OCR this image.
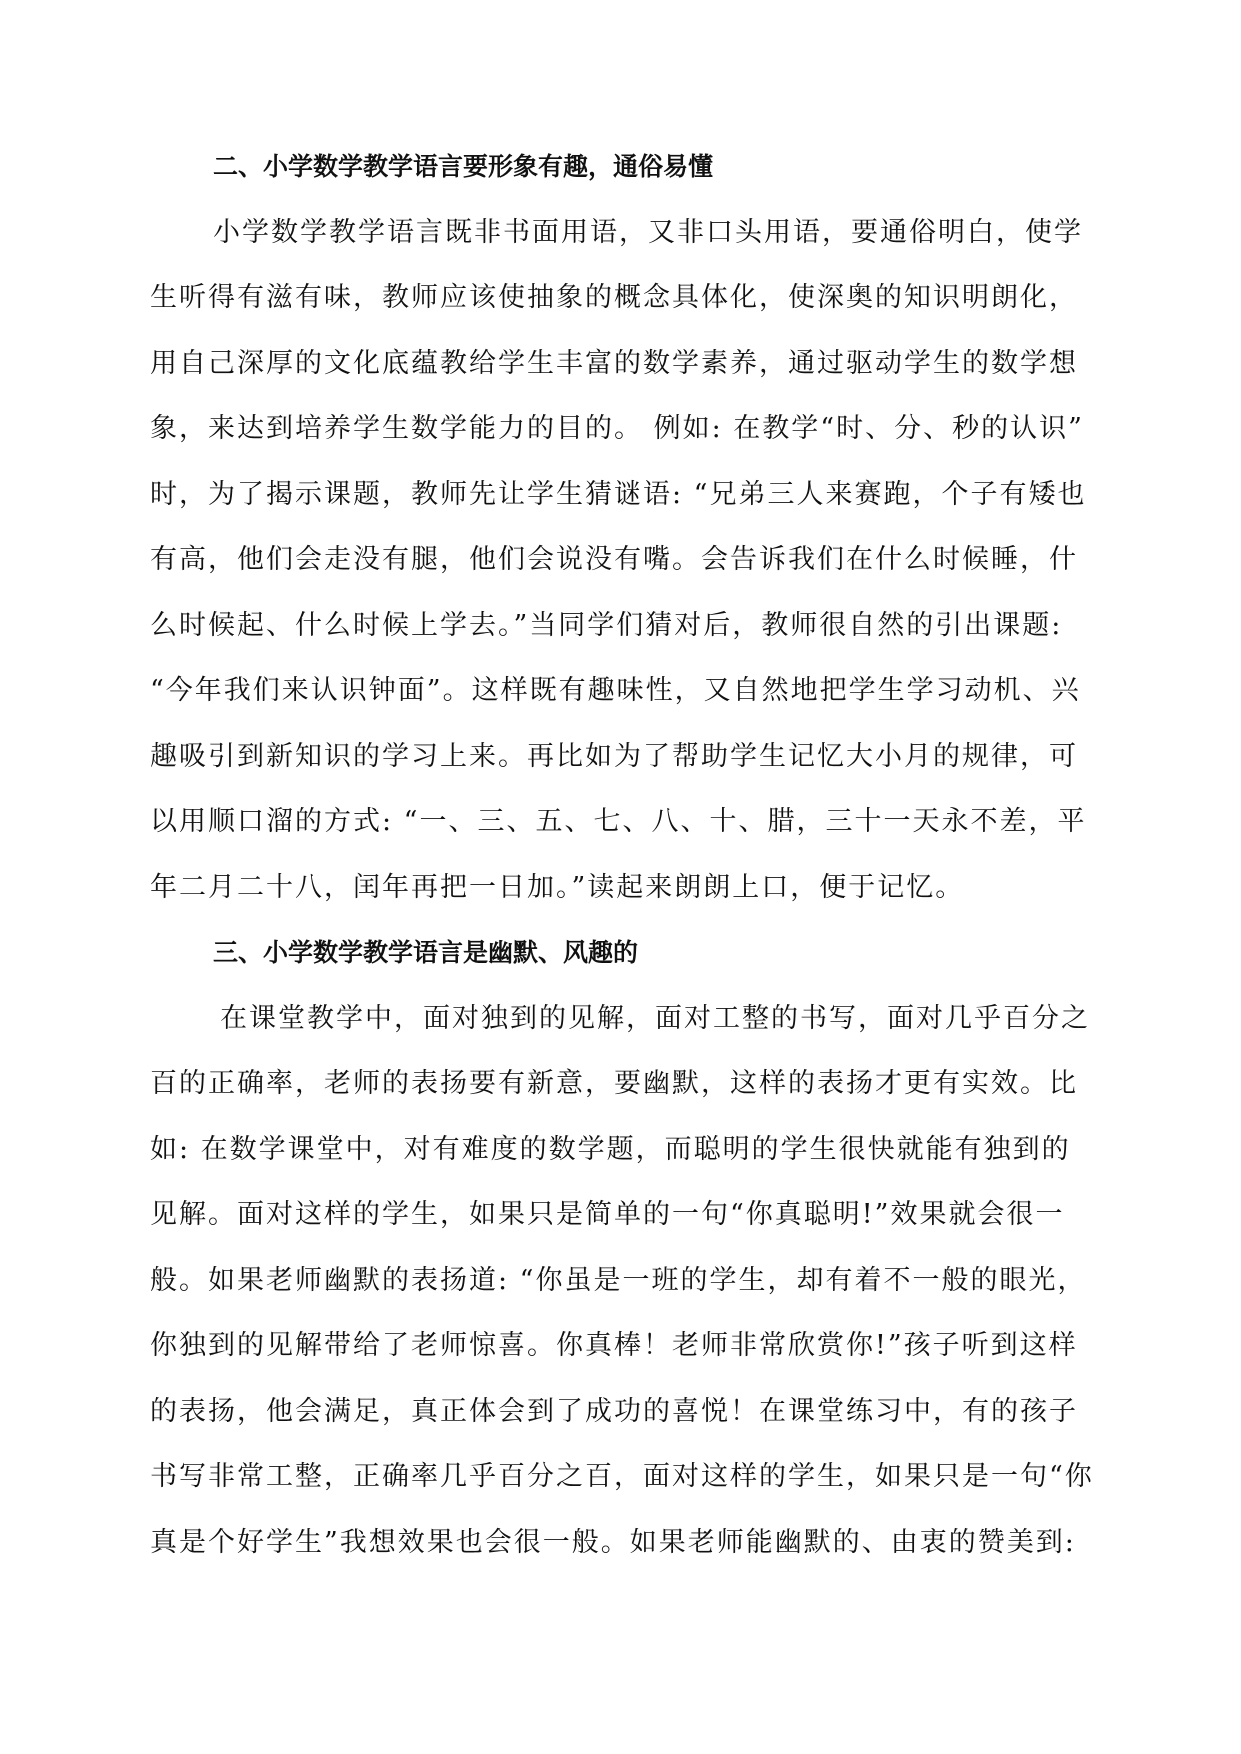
二、小学数学教学语言要形象有趣，通俗易懂
小学数学教学语言既非书面用语，又非口头用语，要通俗明白，使学
生听得有滋有味，教师应该使抽象的概念具体化，使深奥的知识明朗化，
用自己深厚的文化底蕴教给学生丰富的数学素养，通过驱动学生的数学想
象，来达到培养学生数学能力的目的。 例如: 在教学“时、分、秒的认识”
时，为了揭示课题，教师先让学生猜谜语: “兄弟三人来赛跑，个子有矮也
有高，他们会走没有腿，他们会说没有嘴。会告诉我们在什么时候睡，什
么时候起、什么时候上学去。”当同学们猜对后，教师很自然的引出课题:
“今年我们来认识钟面”。这样既有趣味性，又自然地把学生学习动机、兴
趣吸引到新知识的学习上来。再比如为了帮助学生记忆大小月的规律，可
以用顺口溜的方式: “一、三、五、七、八、十、腊，三十一天永不差，平
年二月二十八，闰年再把一日加。”读起来朗朗上口，便于记忆。
三、小学数学教学语言是幽默、风趣的
在课堂教学中，面对独到的见解，面对工整的书写，面对几乎百分之
百的正确率，老师的表扬要有新意，要幽默，这样的表扬才更有实效。比
如: 在数学课堂中，对有难度的数学题，而聪明的学生很快就能有独到的
见解。面对这样的学生，如果只是简单的一句“你真聪明!”效果就会很一
般。如果老师幽默的表扬道: “你虽是一班的学生，却有着不一般的眼光，
你独到的见解带给了老师惊喜。你真棒！老师非常欣赏你!”孩子听到这样
的表扬，他会满足，真正体会到了成功的喜悦！在课堂练习中，有的孩子
书写非常工整，正确率几乎百分之百，面对这样的学生，如果只是一句“你
真是个好学生”我想效果也会很一般。如果老师能幽默的、由衷的赞美到:
